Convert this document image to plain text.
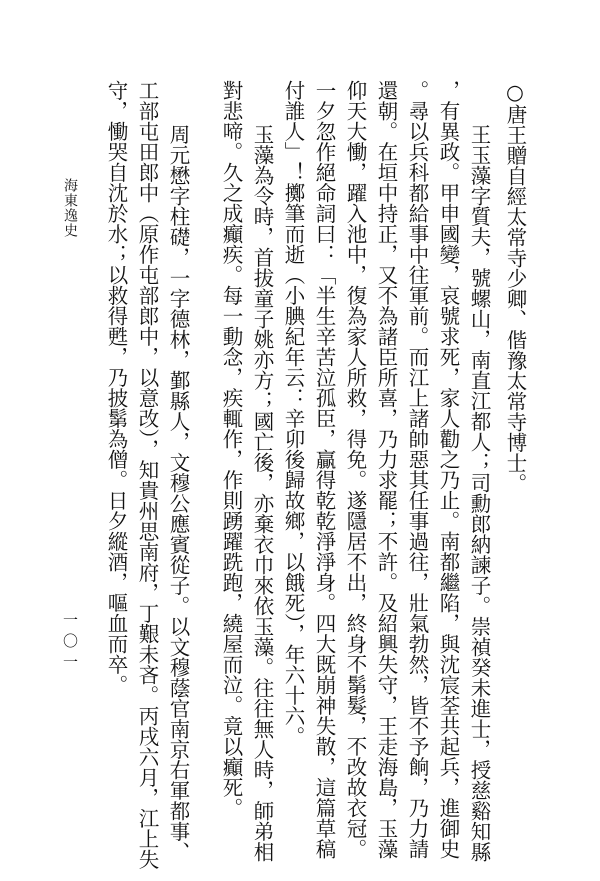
海東逸史
一〇一
○唐王贈自經太常寺少卿、偕豫太常寺博士。
王玉藻字質夫，號螺山，南直江都人；司勳郎納諫子。崇禎癸未進士，授慈谿知縣
，有異政。甲申國變，哀號求死，家人勸之乃止。南都繼陷，與沈宸荃共起兵，進御史
。尋以兵科都給事中往軍前。而江上諸帥惡其任事過往，壯氣勃然，皆不予餉，乃力請
還朝。在垣中持正，又不為諸臣所喜，乃力求罷；不許。及紹興失守，王走海島，玉藻
仰天大慟，躍入池中，復為家人所救，得免。遂隱居不出，終身不鬀髮，不改故衣冠。
一夕忽作絕命詞曰：「半生辛苦泣孤臣，贏得乾乾淨淨身。四大既崩神失散，這篇草稿
付誰人」！擲筆而逝（小腆紀年云：辛卯後歸故鄉，以餓死），年六十六。
玉藻為令時，首拔童子姚亦方；國亡後，亦棄衣巾來依玉藻。往往無人時，師弟相
對悲啼。久之成癲疾。每一動念，疾輒作，作則踴躍跣跑，繞屋而泣。竟以癲死。
周元懋字柱礎，一字德林，鄞縣人，文穆公應賓從子。以文穆蔭官南京右軍都事、
工部屯田郎中（原作屯部郎中，以意改），知貴州思南府，丁艱未吝。丙戌六月，江上失
守，慟哭自沈於水；以救得甦，乃披鬀為僧。日夕縱酒，嘔血而卒。
